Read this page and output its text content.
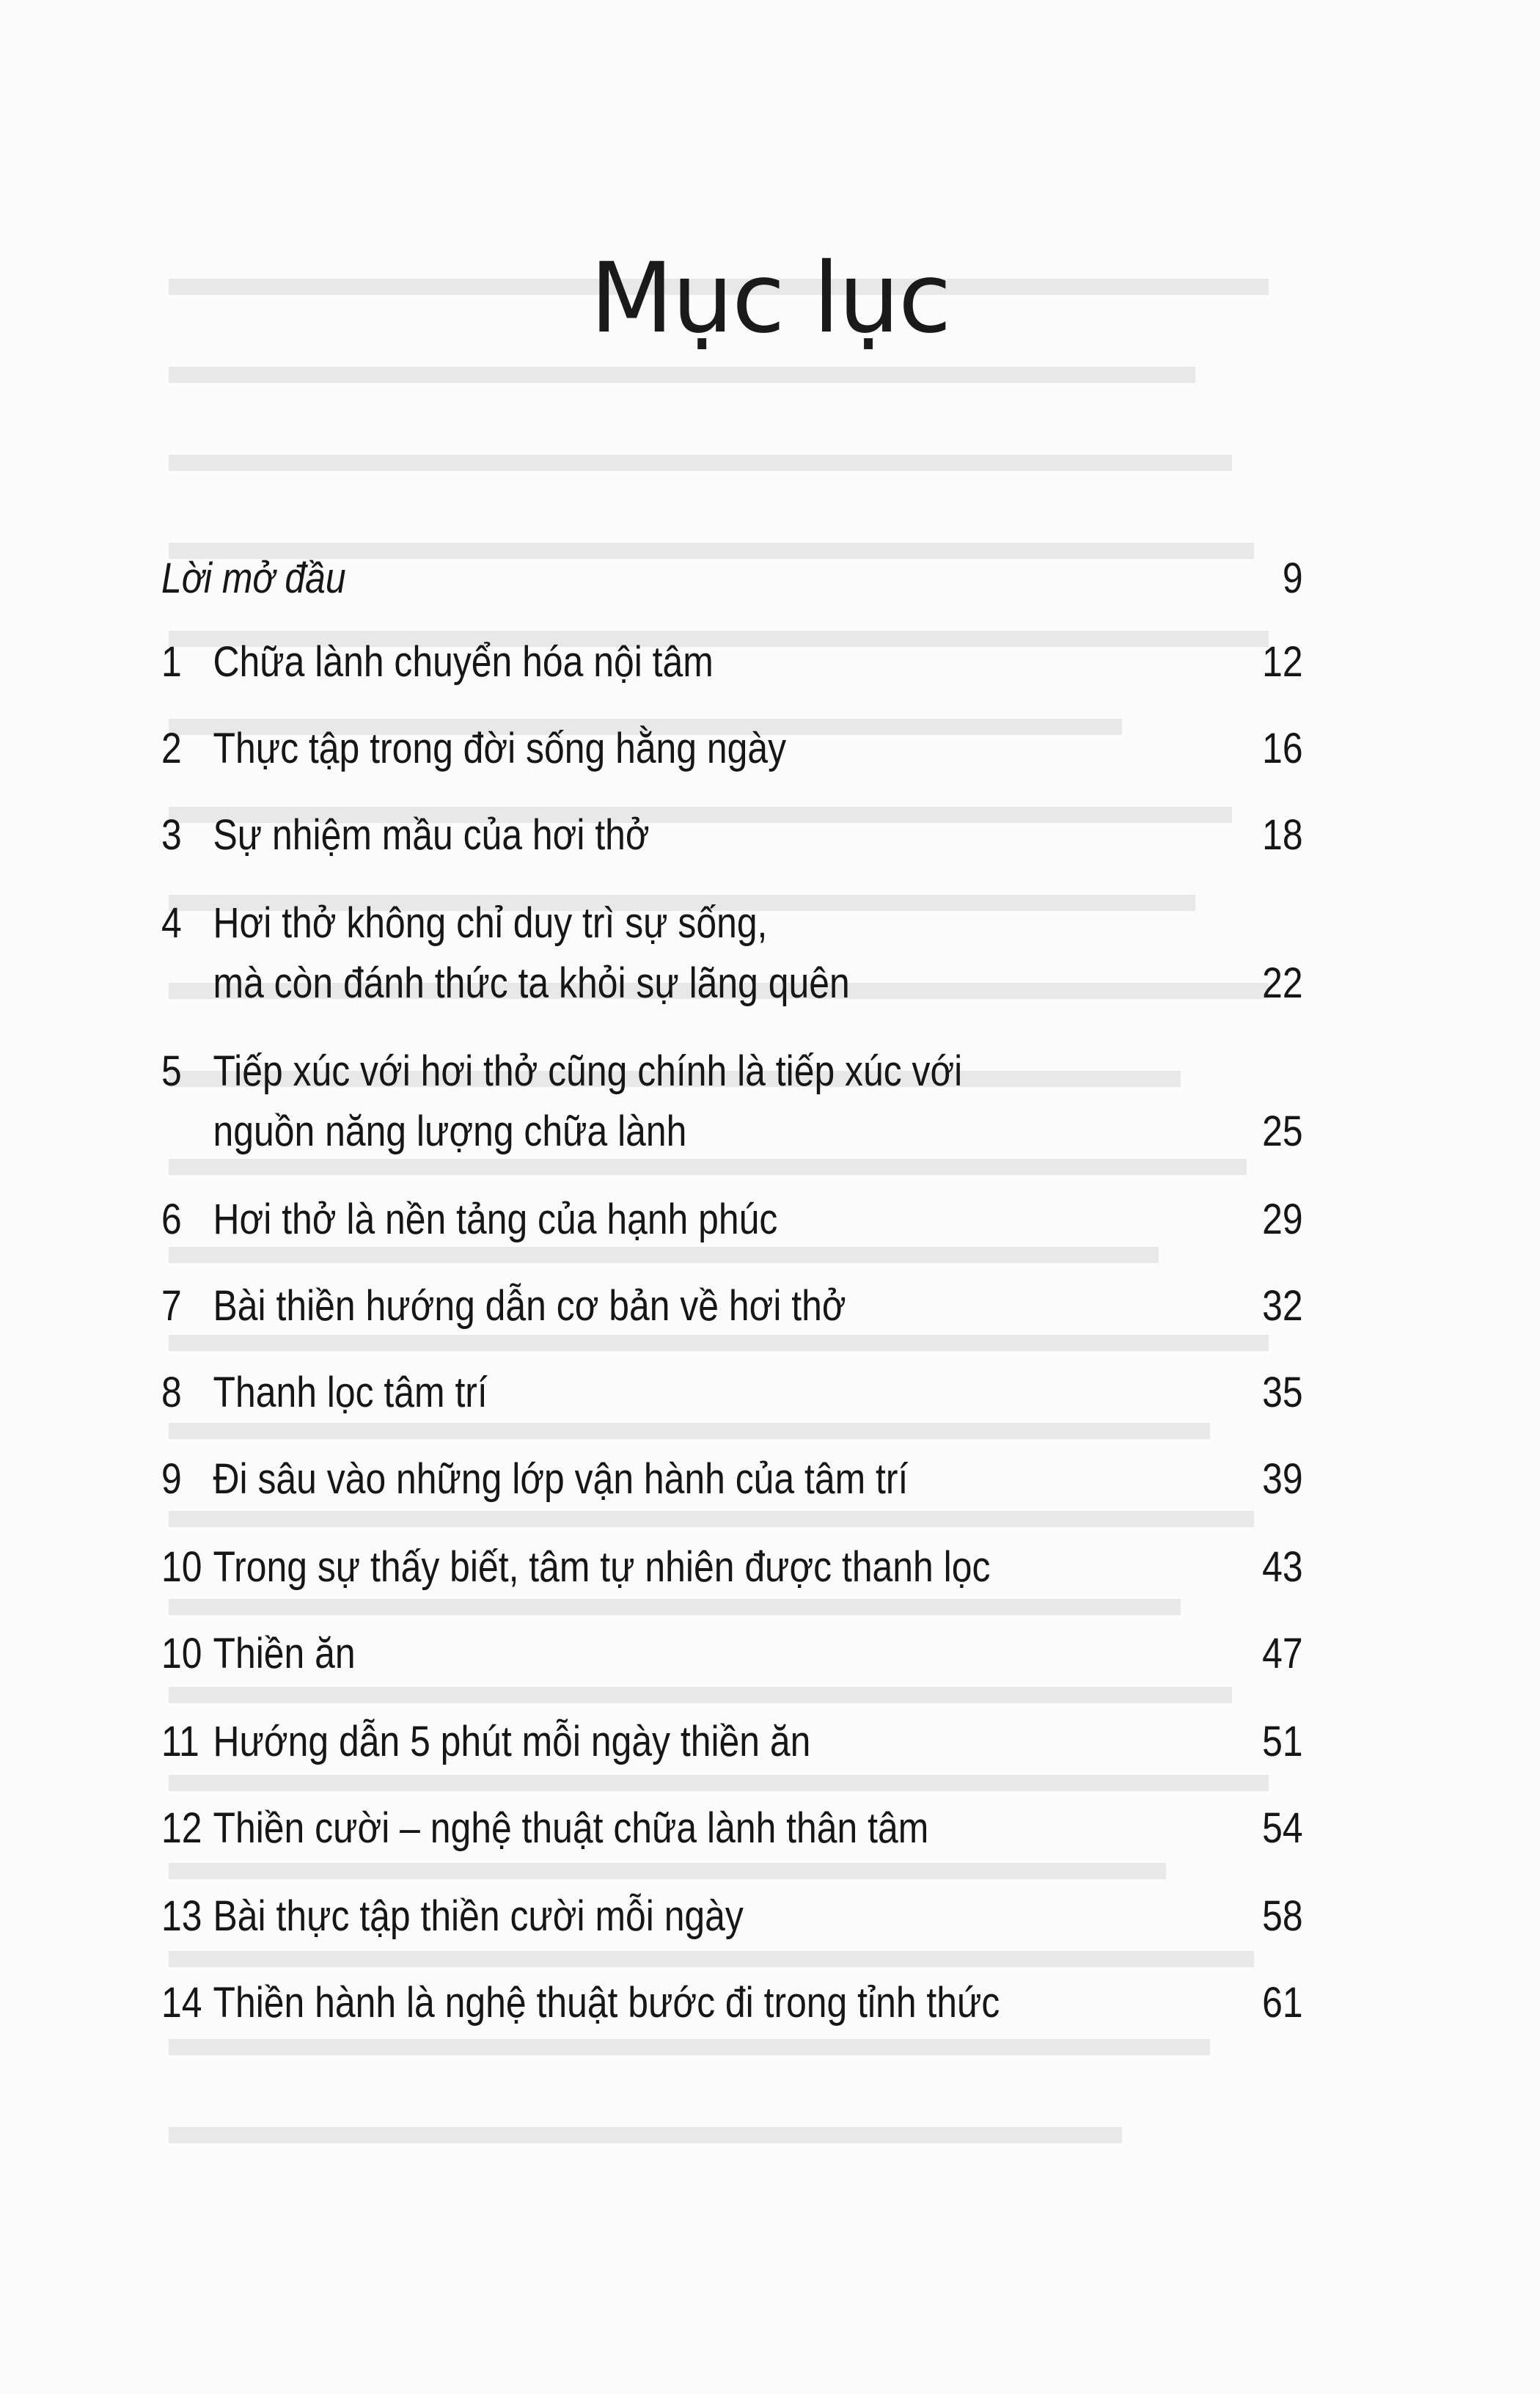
Mục lục
Lời mở đầu	9
1 Chữa lành chuyển hóa nội tâm	12
2 Thực tập trong đời sống hằng ngày	16
3 Sự nhiệm mầu của hơi thở	18
4 Hơi thở không chỉ duy trì sự sống,
mà còn đánh thức ta khỏi sự lãng quên	22
5 Tiếp xúc với hơi thở cũng chính là tiếp xúc với
nguồn năng lượng chữa lành	25
6 Hơi thở là nền tảng của hạnh phúc	29
7 Bài thiền hướng dẫn cơ bản về hơi thở	32
8 Thanh lọc tâm trí	35
9 Đi sâu vào những lớp vận hành của tâm trí	39
10 Trong sự thấy biết, tâm tự nhiên được thanh lọc	43
10 Thiền ăn	47
11 Hướng dẫn 5 phút mỗi ngày thiền ăn	51
12 Thiền cười – nghệ thuật chữa lành thân tâm	54
13 Bài thực tập thiền cười mỗi ngày	58
14 Thiền hành là nghệ thuật bước đi trong tỉnh thức	61
